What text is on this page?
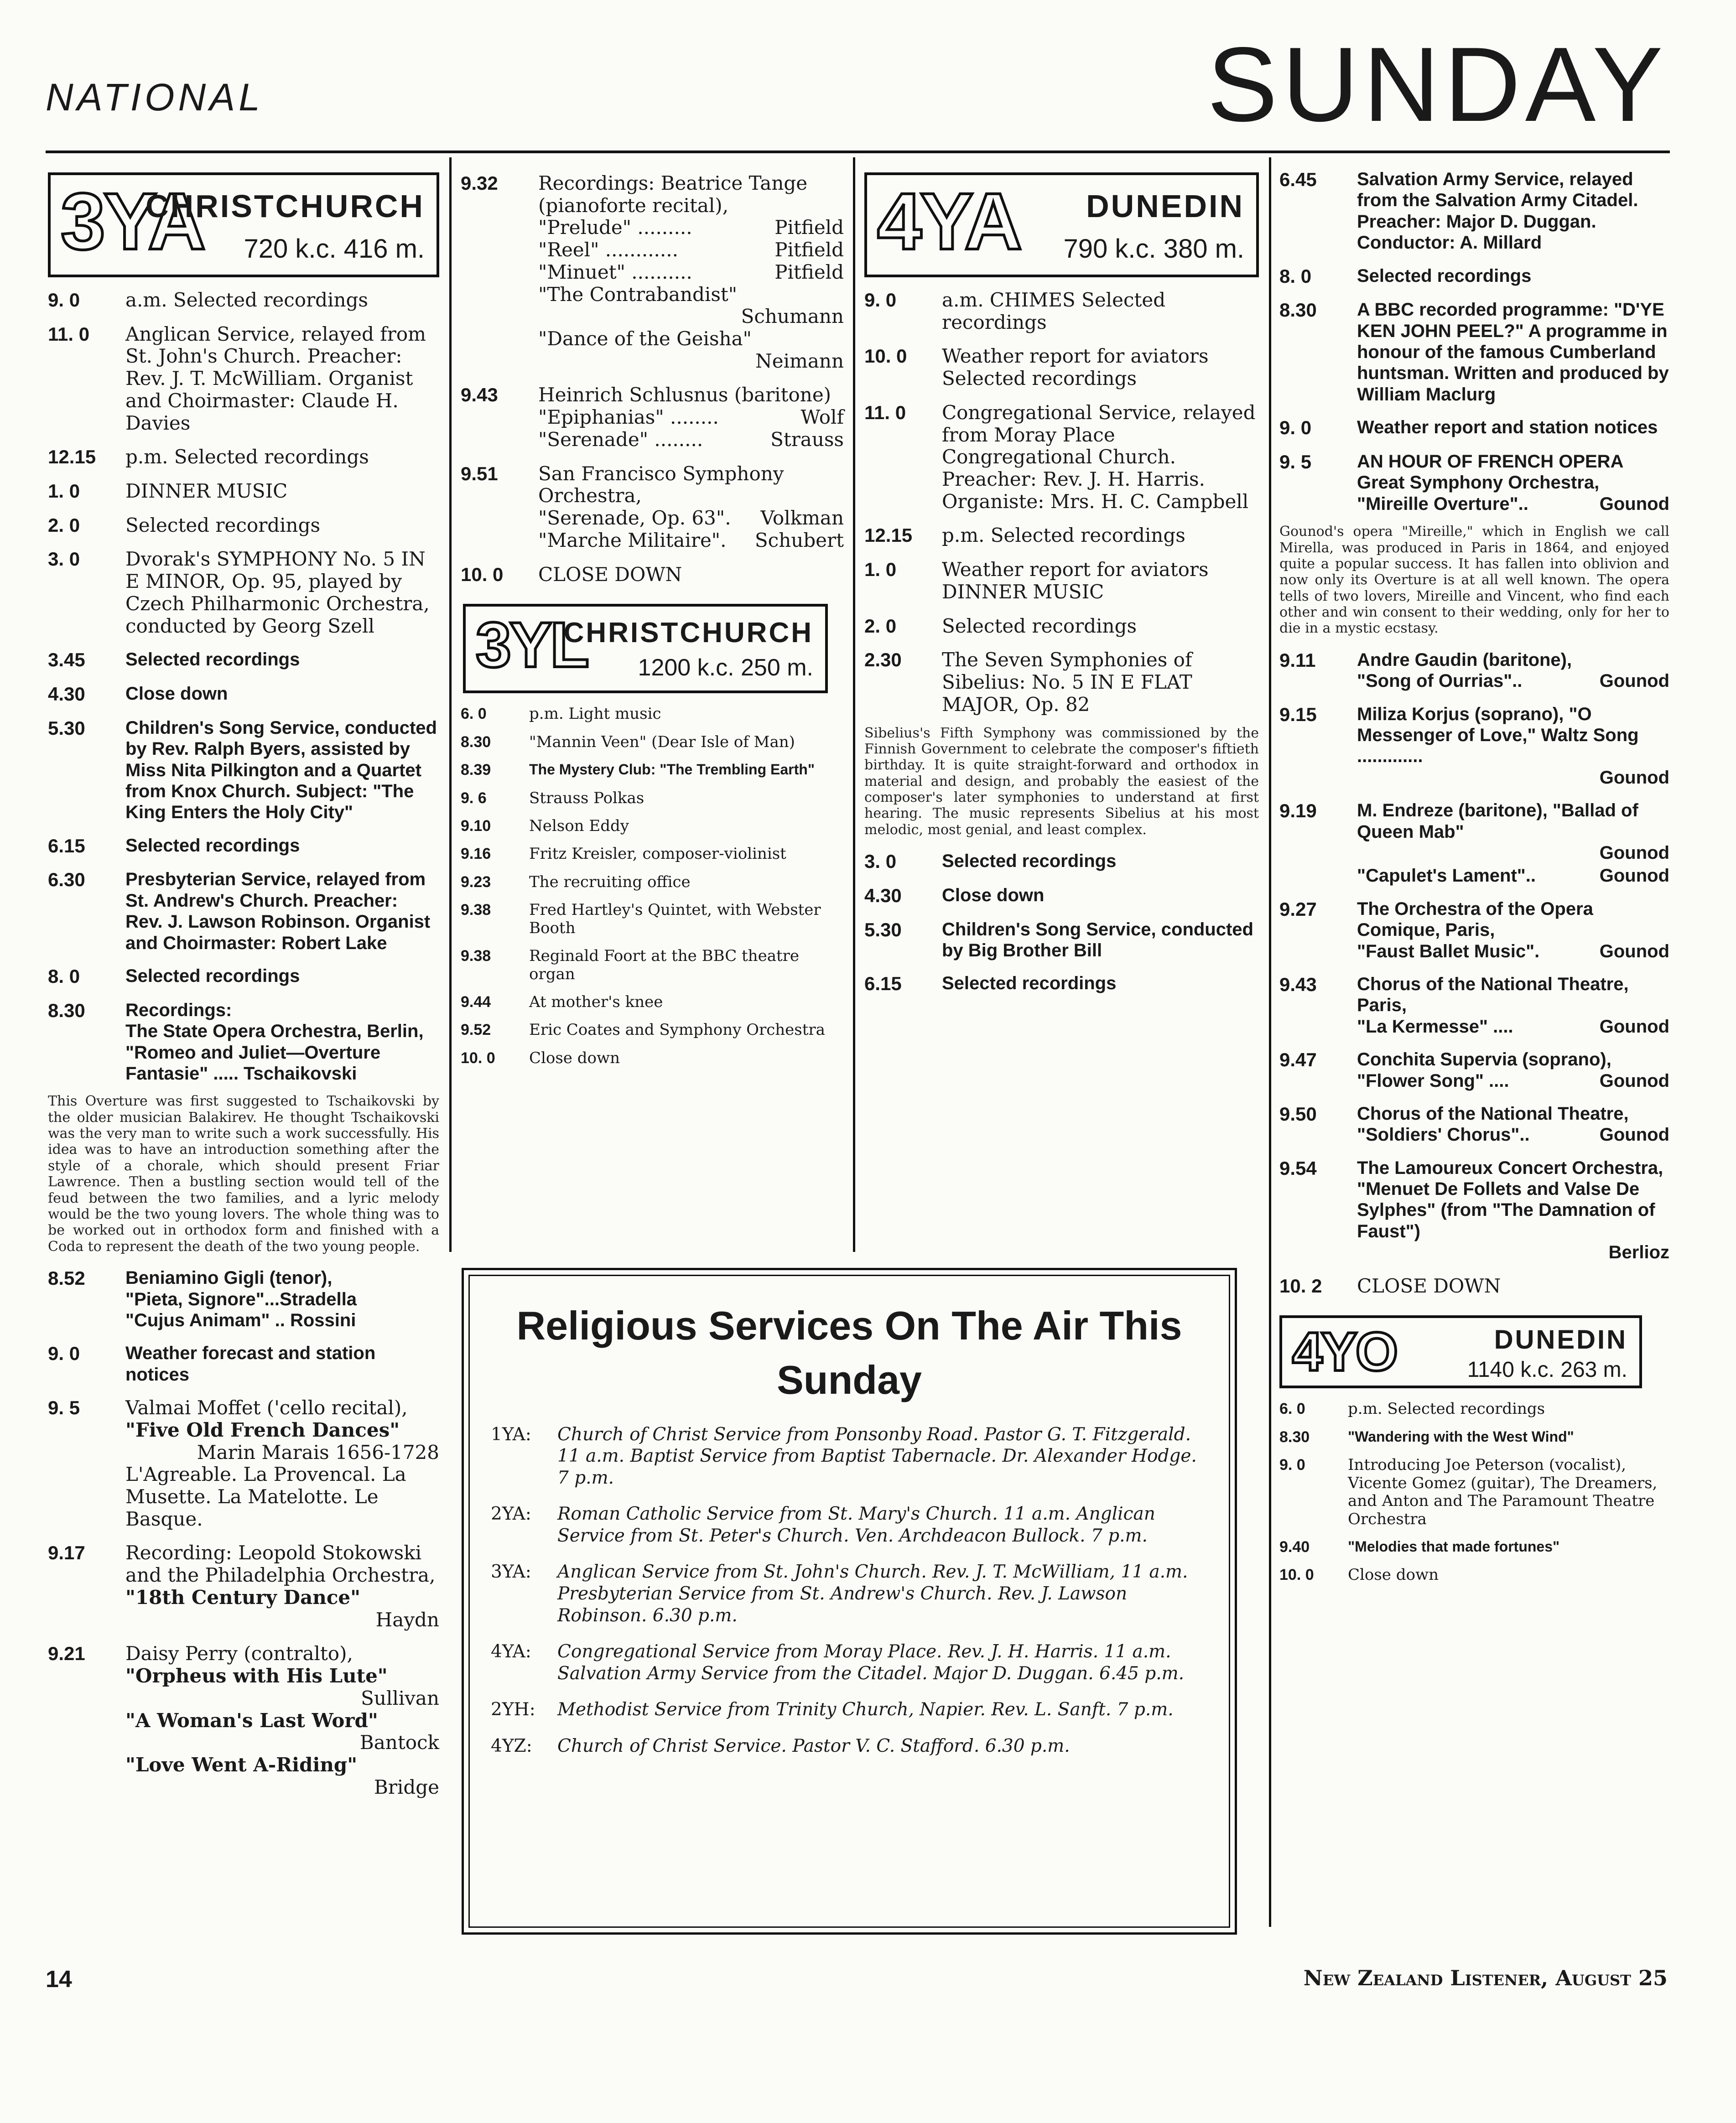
NATIONAL	SUNDAY
3YA
CHRISTCHURCH
720 k.c. 416 m.
9. 0	a.m. Selected recordings
11. 0	Anglican Service, relayed from St. John's Church. Preacher: Rev. J. T. McWilliam. Organist and Choirmaster: Claude H. Davies
12.15	p.m. Selected recordings
1. 0	DINNER MUSIC
2. 0	Selected recordings
3. 0	Dvorak's SYMPHONY No. 5 IN E MINOR, Op. 95, played by Czech Philharmonic Orchestra, conducted by Georg Szell
3.45	Selected recordings
4.30	Close down
5.30	Children's Song Service, conducted by Rev. Ralph Byers, assisted by Miss Nita Pilkington and a Quartet from Knox Church. Subject: "The King Enters the Holy City"
6.15	Selected recordings
6.30	Presbyterian Service, relayed from St. Andrew's Church. Preacher: Rev. J. Lawson Robinson. Organist and Choirmaster: Robert Lake
8. 0	Selected recordings
8.30	Recordings:
The State Opera Orchestra, Berlin,
"Romeo and Juliet—Overture Fantasie" ..... Tschaikovski
This Overture was first suggested to Tschaikovski by the older musician Balakirev. He thought Tschaikovski was the very man to write such a work successfully. His idea was to have an introduction something after the style of a chorale, which should present Friar Lawrence. Then a bustling section would tell of the feud between the two families, and a lyric melody would be the two young lovers. The whole thing was to be worked out in orthodox form and finished with a Coda to represent the death of the two young people.
8.52	Beniamino Gigli (tenor),
"Pieta, Signore"...Stradella
"Cujus Animam" .. Rossini
9. 0	Weather forecast and station notices
9. 5	Valmai Moffet ('cello recital),
"Five Old French Dances"
Marin Marais 1656-1728
L'Agreable. La Provencal. La Musette. La Matelotte. Le Basque.
9.17	Recording: Leopold Stokowski and the Philadelphia Orchestra,
"18th Century Dance"
Haydn
9.21	Daisy Perry (contralto),
"Orpheus with His Lute"
Sullivan
"A Woman's Last Word"
Bantock
"Love Went A-Riding"
Bridge
9.32	Recordings: Beatrice Tange (pianoforte recital),
"Prelude" .........	Pitfield
"Reel" ............	Pitfield
"Minuet" ..........	Pitfield
"The Contrabandist"
Schumann
"Dance of the Geisha"
Neimann
9.43	Heinrich Schlusnus (baritone)
"Epiphanias" ........	Wolf
"Serenade" ........	Strauss
9.51	San Francisco Symphony Orchestra,
"Serenade, Op. 63". Volkman
"Marche Militaire". Schubert
10. 0	CLOSE DOWN
3YL
CHRISTCHURCH
1200 k.c. 250 m.
6. 0	p.m. Light music
8.30	"Mannin Veen" (Dear Isle of Man)
8.39	The Mystery Club: "The Trembling Earth"
9. 6	Strauss Polkas
9.10	Nelson Eddy
9.16	Fritz Kreisler, composer-violinist
9.23	The recruiting office
9.38	Fred Hartley's Quintet, with Webster Booth
9.38	Reginald Foort at the BBC theatre organ
9.44	At mother's knee
9.52	Eric Coates and Symphony Orchestra
10. 0	Close down
4YA DUNEDIN
790 k.c. 380 m.
9. 0	a.m. CHIMES Selected recordings
10. 0	Weather report for aviators Selected recordings
11. 0	Congregational Service, relayed from Moray Place Congregational Church. Preacher: Rev. J. H. Harris. Organiste: Mrs. H. C. Campbell
12.15	p.m. Selected recordings
1. 0	Weather report for aviators DINNER MUSIC
2. 0	Selected recordings
2.30	The Seven Symphonies of Sibelius: No. 5 IN E FLAT MAJOR, Op. 82
Sibelius's Fifth Symphony was commissioned by the Finnish Government to celebrate the composer's fiftieth birthday. It is quite straight-forward and orthodox in material and design, and probably the easiest of the composer's later symphonies to understand at first hearing. The music represents Sibelius at his most melodic, most genial, and least complex.
3. 0	Selected recordings
4.30	Close down
5.30	Children's Song Service, conducted by Big Brother Bill
6.15	Selected recordings
6.45	Salvation Army Service, relayed from the Salvation Army Citadel. Preacher: Major D. Duggan. Conductor: A. Millard
8. 0	Selected recordings
8.30	A BBC recorded programme: "D'YE KEN JOHN PEEL?" A programme in honour of the famous Cumberland huntsman. Written and produced by William Maclurg
9. 0	Weather report and station notices
9. 5	AN HOUR OF FRENCH OPERA
Great Symphony Orchestra,
"Mireille Overture"..	Gounod
Gounod's opera "Mireille," which in English we call Mirella, was produced in Paris in 1864, and enjoyed quite a popular success. It has fallen into oblivion and now only its Overture is at all well known. The opera tells of two lovers, Mireille and Vincent, who find each other and win consent to their wedding, only for her to die in a mystic ecstasy.
9.11	Andre Gaudin (baritone),
"Song of Ourrias"..	Gounod
9.15	Miliza Korjus (soprano), "O Messenger of Love," Waltz Song .............
Gounod
9.19	M. Endreze (baritone), "Ballad of Queen Mab"
Gounod
"Capulet's Lament"..	Gounod
9.27	The Orchestra of the Opera Comique, Paris,
"Faust Ballet Music".	Gounod
9.43	Chorus of the National Theatre, Paris,
"La Kermesse" ....	Gounod
9.47	Conchita Supervia (soprano),
"Flower Song" ....	Gounod
9.50	Chorus of the National Theatre,
"Soldiers' Chorus"..	Gounod
9.54	The Lamoureux Concert Orchestra, "Menuet De Follets and Valse De Sylphes" (from "The Damnation of Faust")
Berlioz
10. 2	CLOSE DOWN
4YO	DUNEDIN
1140 k.c. 263 m.
6. 0	p.m. Selected recordings
8.30	"Wandering with the West Wind"
9. 0	Introducing Joe Peterson (vocalist), Vicente Gomez (guitar), The Dreamers, and Anton and The Paramount Theatre Orchestra
9.40	"Melodies that made fortunes"
10. 0	Close down
Religious Services On The Air This Sunday
1YA:	Church of Christ Service from Ponsonby Road. Pastor G. T. Fitzgerald. 11 a.m. Baptist Service from Baptist Tabernacle. Dr. Alexander Hodge. 7 p.m.
2YA:	Roman Catholic Service from St. Mary's Church. 11 a.m. Anglican Service from St. Peter's Church. Ven. Archdeacon Bullock. 7 p.m.
3YA:	Anglican Service from St. John's Church. Rev. J. T. McWilliam, 11 a.m. Presbyterian Service from St. Andrew's Church. Rev. J. Lawson Robinson. 6.30 p.m.
4YA:	Congregational Service from Moray Place. Rev. J. H. Harris. 11 a.m. Salvation Army Service from the Citadel. Major D. Duggan. 6.45 p.m.
2YH:	Methodist Service from Trinity Church, Napier. Rev. L. Sanft. 7 p.m.
4YZ:	Church of Christ Service. Pastor V. C. Stafford. 6.30 p.m.
14	New Zealand Listener, August 25
